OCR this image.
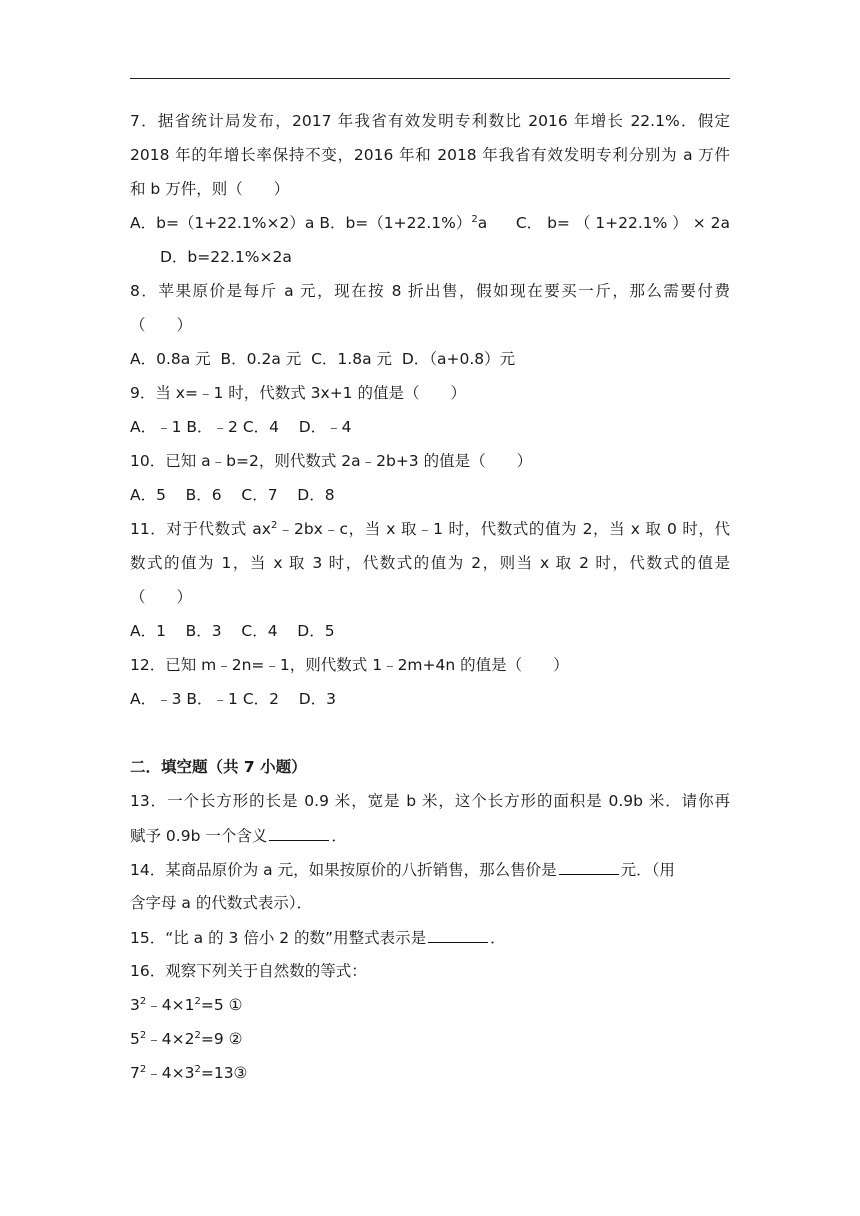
7．据省统计局发布，2017 年我省有效发明专利数比 2016 年增长 22.1%．假定
2018 年的年增长率保持不变，2016 年和 2018 年我省有效发明专利分别为 a 万件
和 b 万件，则（　　）
A．b=（1+22.1%×2）a B．$b=(1+22.1\%)^2a$ C． b= （ 1+22.1% ） × 2a
D．b=22.1%×2a
8．苹果原价是每斤 a 元，现在按 8 折出售，假如现在要买一斤，那么需要付费
（　　）
A．0.8a 元  B．0.2a 元  C．1.8a 元  D．（a+0.8）元
9．当 x=﹣1 时，代数式 3x+1 的值是（　　）
A．﹣1 B．﹣2 C．4    D．﹣4
10．已知 a﹣b=2，则代数式 2a﹣2b+3 的值是（　　）
A．5    B．6    C．7    D．8
11．对于代数式 $ax^2﹣2bx﹣c$，当 x 取﹣1 时，代数式的值为 2，当 x 取 0 时，代
数式的值为 1，当 x 取 3 时，代数式的值为 2，则当 x 取 2 时，代数式的值是
（　　）
A．1    B．3    C．4    D．5
12．已知 m﹣2n=﹣1，则代数式 1﹣2m+4n 的值是（　　）
A．﹣3 B．﹣1 C．2    D．3
二．填空题（共 7 小题）
13．一个长方形的长是 0.9 米，宽是 b 米，这个长方形的面积是 0.9b 米．请你再
赋予 0.9b 一个含义	．
14．某商品原价为 a 元，如果按原价的八折销售，那么售价是	元．（用
含字母 a 的代数式表示）．
15．“比 a 的 3 倍小 2 的数”用整式表示是	．
16．观察下列关于自然数的等式：
$3^2﹣4\times 1^2=5$ ①
$5^2﹣4\times 2^2=9$ ②
$7^2﹣4\times 3^2=13③$
